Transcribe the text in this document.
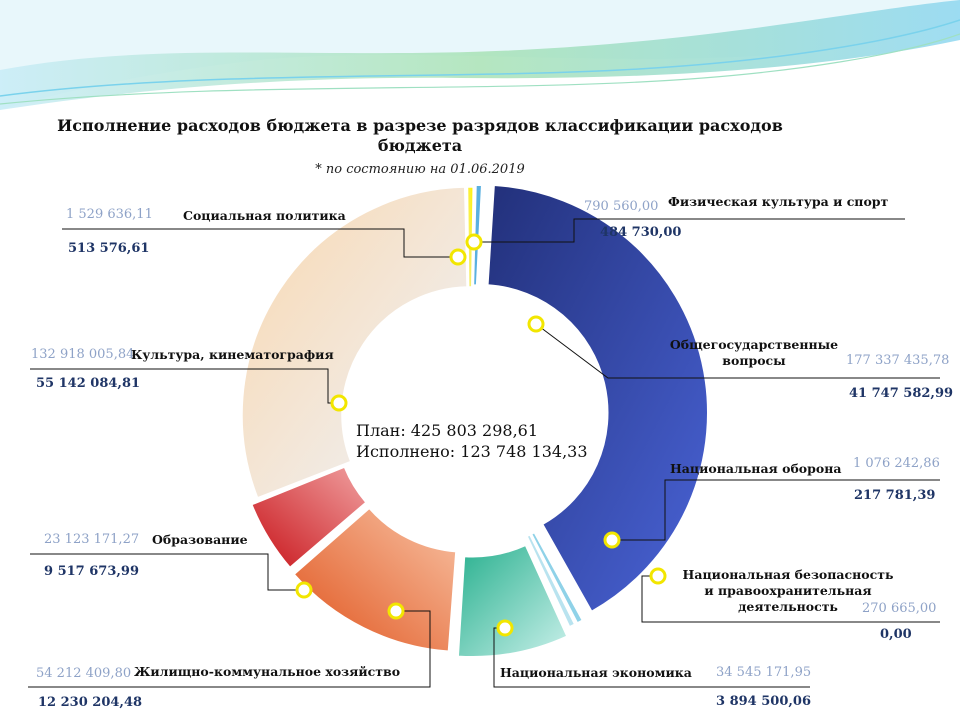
Исполнение расходов бюджета в разрезе разрядов классификации расходов бюджета
* по состоянию на 01.06.2019
План: 425 803 298,61
Исполнено: 123 748 134,33
790 560,00 Физическая культура и спорт
484 730,00
Общегосударственные
вопросы	177 337 435,78
41 747 582,99
Национальная оборона 1 076 242,86
217 781,39
Национальная безопасность
и правоохранительная
деятельность	270 665,00
0,00
Национальная экономика 34 545 171,95
3 894 500,06
54 212 409,80 Жилищно-коммунальное хозяйство
12 230 204,48
23 123 171,27 Образование
9 517 673,99
132 918 005,84
Культура, кинематография
55 142 084,81
1 529 636,11 Социальная политика
513 576,61
